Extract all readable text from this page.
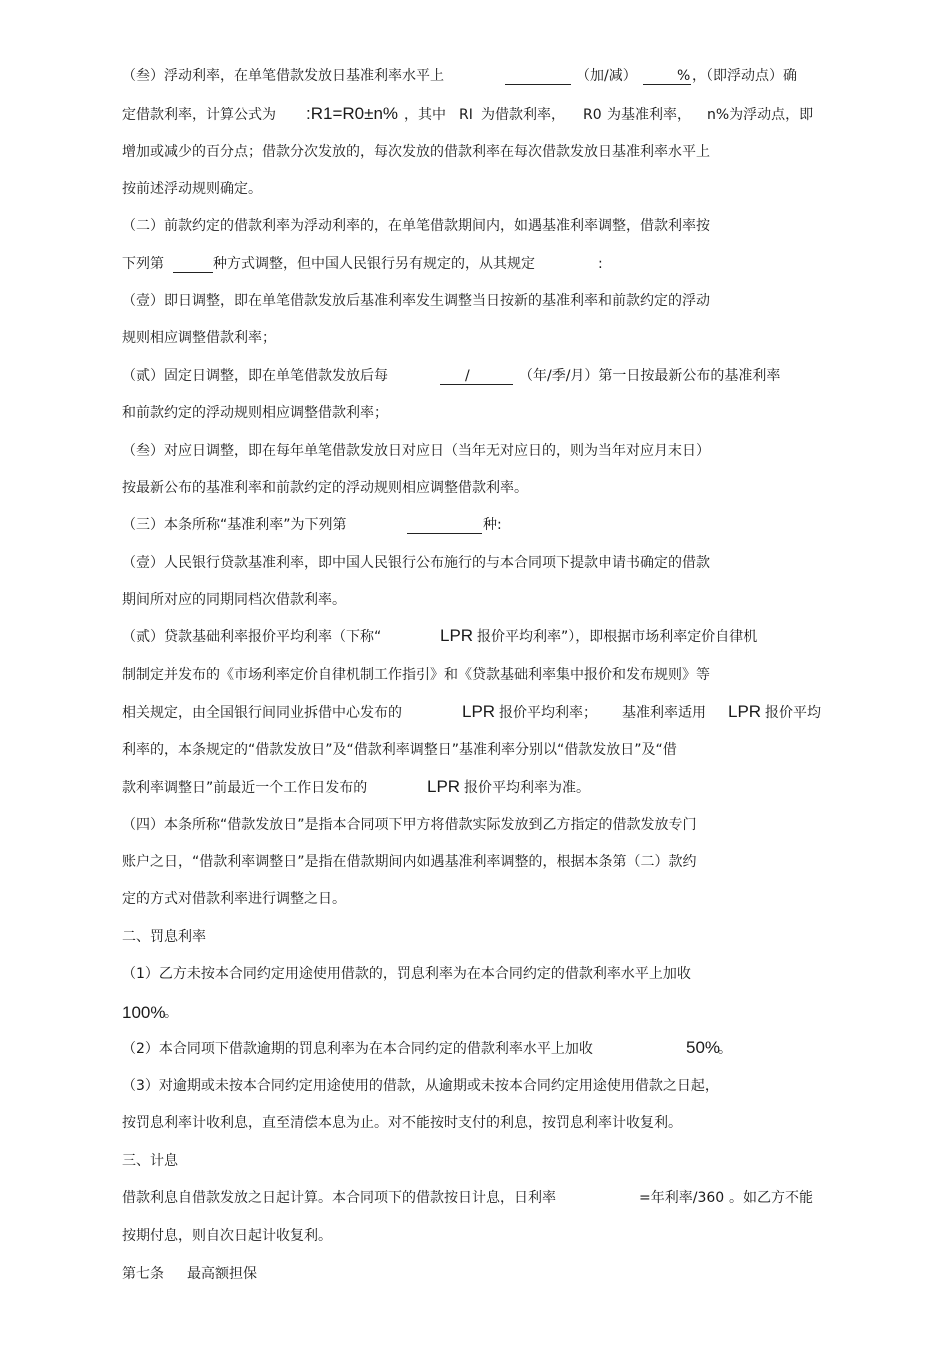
（叁）浮动利率，在单笔借款发放日基准利率水平上	（加/减）	% ，（即浮动点）确
定借款利率，计算公式为 :R1=R0±n% ，其中 RI 为借款利率， R0 为基准利率， n%为浮动点，即
增加或减少的百分点；借款分次发放的，每次发放的借款利率在每次借款发放日基准利率水平上
按前述浮动规则确定。
（二）前款约定的借款利率为浮动利率的，在单笔借款期间内，如遇基准利率调整，借款利率按
下列第	种方式调整，但中国人民银行另有规定的，从其规定	:
（壹）即日调整，即在单笔借款发放后基准利率发生调整当日按新的基准利率和前款约定的浮动
规则相应调整借款利率；
（贰）固定日调整，即在单笔借款发放后每	/	（年/季/月）第一日按最新公布的基准利率
和前款约定的浮动规则相应调整借款利率；
（叁）对应日调整，即在每年单笔借款发放日对应日（当年无对应日的，则为当年对应月末日）
按最新公布的基准利率和前款约定的浮动规则相应调整借款利率。
（三）本条所称“基准利率”为下列第	种:
（壹）人民银行贷款基准利率，即中国人民银行公布施行的与本合同项下提款申请书确定的借款
期间所对应的同期同档次借款利率。
（贰）贷款基础利率报价平均利率（下称“	LPR 报价平均利率”），即根据市场利率定价自律机
制制定并发布的《市场利率定价自律机制工作指引》和《贷款基础利率集中报价和发布规则》等
相关规定，由全国银行间同业拆借中心发布的	LPR 报价平均利率； 基准利率适用 LPR 报价平均
利率的，本条规定的“借款发放日”及“借款利率调整日”基准利率分别以“借款发放日”及“借
款利率调整日”前最近一个工作日发布的	LPR 报价平均利率为准。
（四）本条所称“借款发放日”是指本合同项下甲方将借款实际发放到乙方指定的借款发放专门
账户之日，“借款利率调整日”是指在借款期间内如遇基准利率调整的，根据本条第（二）款约
定的方式对借款利率进行调整之日。
二、罚息利率
（1）乙方未按本合同约定用途使用借款的，罚息利率为在本合同约定的借款利率水平上加收
100%
。
（2）本合同项下借款逾期的罚息利率为在本合同约定的借款利率水平上加收	50%
。
（3）对逾期或未按本合同约定用途使用的借款，从逾期或未按本合同约定用途使用借款之日起，
按罚息利率计收利息，直至清偿本息为止。对不能按时支付的利息，按罚息利率计收复利。
三、计息
借款利息自借款发放之日起计算。本合同项下的借款按日计息，日利率	=年利率/360 。如乙方不能
按期付息，则自次日起计收复利。
第七条 最高额担保
